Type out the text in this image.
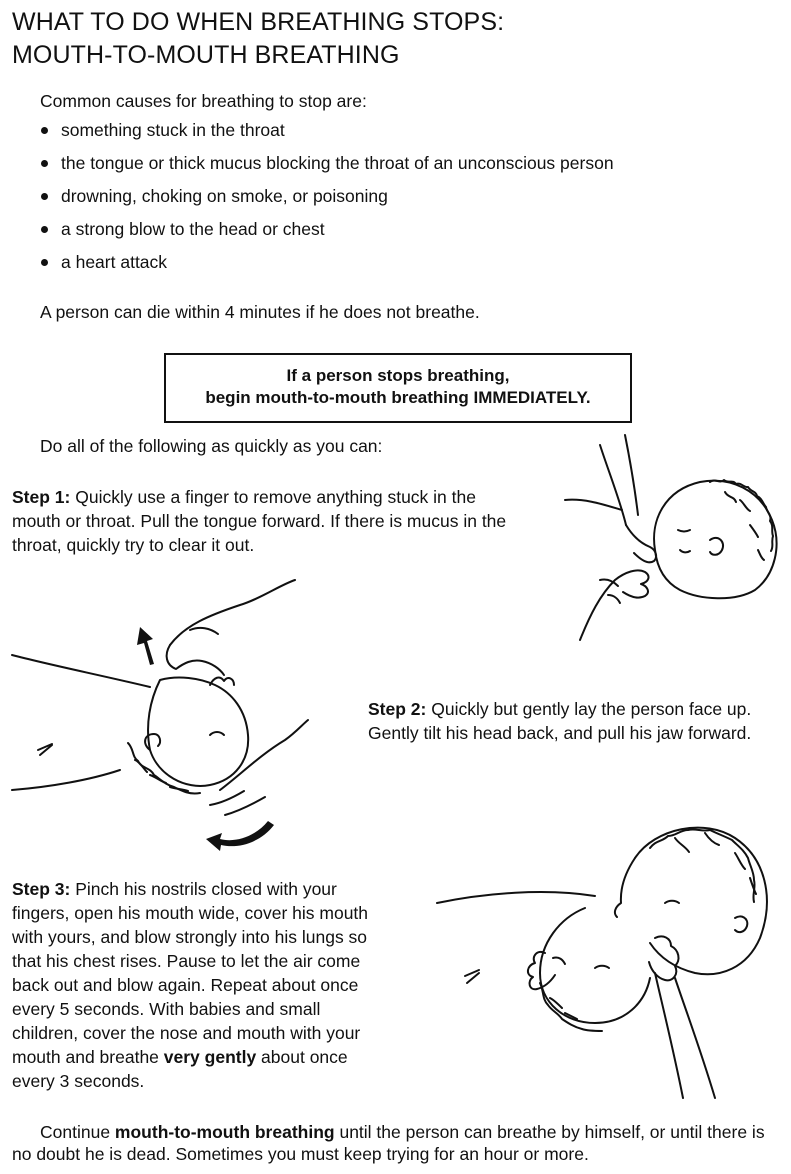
WHAT TO DO WHEN BREATHING STOPS:
MOUTH-TO-MOUTH BREATHING
Common causes for breathing to stop are:
something stuck in the throat
the tongue or thick mucus blocking the throat of an unconscious person
drowning, choking on smoke, or poisoning
a strong blow to the head or chest
a heart attack
A person can die within 4 minutes if he does not breathe.
If a person stops breathing,
begin mouth-to-mouth breathing IMMEDIATELY.
Do all of the following as quickly as you can:
Step 1: Quickly use a finger to remove anything stuck in the mouth or throat. Pull the tongue forward. If there is mucus in the throat, quickly try to clear it out.
Step 2: Quickly but gently lay the person face up. Gently tilt his head back, and pull his jaw forward.
Step 3: Pinch his nostrils closed with your fingers, open his mouth wide, cover his mouth with yours, and blow strongly into his lungs so that his chest rises. Pause to let the air come back out and blow again. Repeat about once every 5 seconds. With babies and small children, cover the nose and mouth with your mouth and breathe very gently about once every 3 seconds.
Continue mouth-to-mouth breathing until the person can breathe by himself, or until there is no doubt he is dead. Sometimes you must keep trying for an hour or more.
